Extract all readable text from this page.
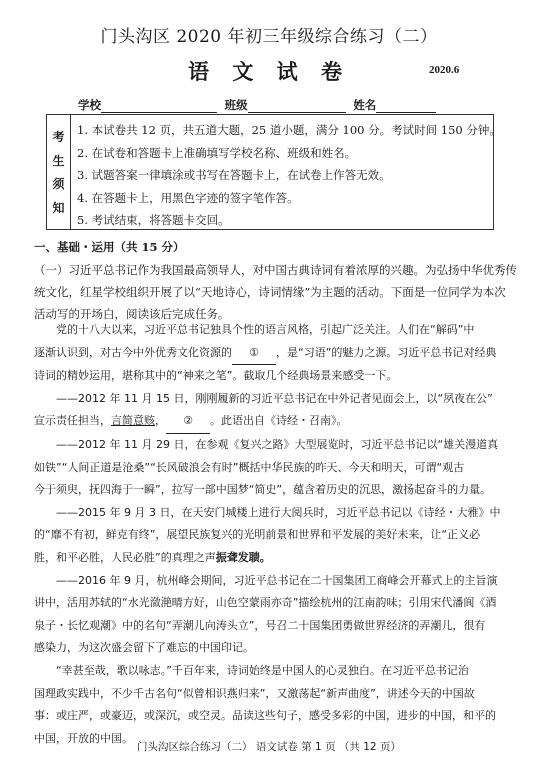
门头沟区 2020 年初三年级综合练习（二）
语 文 试 卷	2020.6
学校	班级	姓名
考
生
须
知
1. 本试卷共 12 页，共五道大题，25 道小题，满分 100 分。考试时间 150 分钟。
2. 在试卷和答题卡上准确填写学校名称、班级和姓名。
3. 试题答案一律填涂或书写在答题卡上，在试卷上作答无效。
4. 在答题卡上，用黑色字迹的签字笔作答。
5. 考试结束，将答题卡交回。
一、基础・运用（共 15 分）
（一）习近平总书记作为我国最高领导人，对中国古典诗词有着浓厚的兴趣。为弘扬中华优秀传
统文化，红星学校组织开展了以“天地诗心，诗词情缘”为主题的活动。下面是一位同学为本次
活动写的开场白，阅读该后完成任务。
党的十八大以来，习近平总书记独具个性的语言风格，引起广泛关注。人们在“解码”中
逐渐认识到，对古今中外优秀文化资源的 ① ，是“习语”的魅力之源。习近平总书记对经典
诗词的精妙运用，堪称其中的“神来之笔”。截取几个经典场景来感受一下。
——2012 年 11 月 15 日，刚刚履新的习近平总书记在中外记者见面会上，以“夙夜在公”
宣示责任担当，言简意赅， ② 。此语出自《诗经・召南》。
——2012 年 11 月 29 日，在参观《复兴之路》大型展览时，习近平总书记以“雄关漫道真
如铁”“人间正道是沧桑”“长风破浪会有时”概括中华民族的昨天、今天和明天，可谓“观古
今于须臾，抚四海于一瞬”，拉写一部中国梦“简史”，蕴含着历史的沉思，激扬起奋斗的力量。
——2015 年 9 月 3 日，在天安门城楼上进行大阅兵时，习近平总书记以《诗经・大雅》中
的“靡不有初，鲜克有终”，展望民族复兴的光明前景和世界和平发展的美好未来，让“正义必
胜，和平必胜，人民必胜”的真理之声振聋发聩。
——2016 年 9 月，杭州峰会期间，习近平总书记在二十国集团工商峰会开幕式上的主旨演
讲中，活用苏轼的“水光潋滟晴方好，山色空蒙雨亦奇”描绘杭州的江南韵味；引用宋代潘阆《酒
泉子・长忆观潮》中的名句“弄潮儿向涛头立”，号召二十国集团勇做世界经济的弄潮儿，很有
感染力，为这次盛会留下了难忘的中国印记。
“幸甚至哉，歌以咏志。”千百年来，诗词始终是中国人的心灵独白。在习近平总书记治
国理政实践中，不少千古名句“似曾相识燕归来”，又激荡起“新声曲度”，讲述今天的中国故
事：或庄严，或豪迈，或深沉，或空灵。品读这些句子，感受多彩的中国，进步的中国，和平的
中国，开放的中国。
门头沟区综合练习（二） 语文试卷 第 1 页 （共 12 页）
